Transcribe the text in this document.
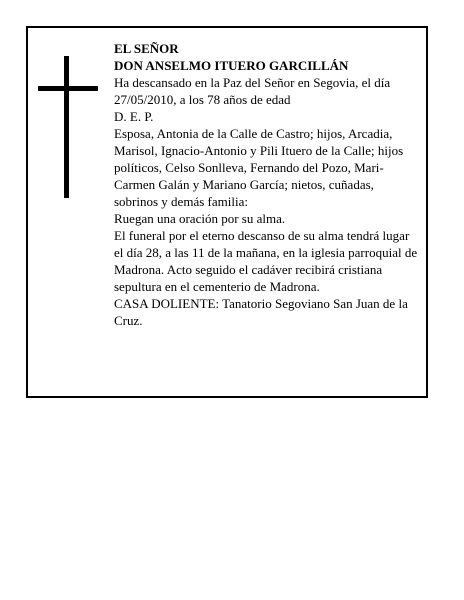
EL SEÑOR

DON ANSELMO ITUERO GARCILLÁN

Ha descansado en la Paz del Señor en Segovia, el día 27/05/2010, a los 78 años de edad

D. E. P.

Esposa, Antonia de la Calle de Castro; hijos, Arcadia, Marisol, Ignacio-Antonio y Pili Ituero de la Calle; hijos políticos, Celso Sonlleva, Fernando del Pozo, Mari-Carmen Galán y Mariano García; nietos, cuñadas, sobrinos y demás familia:

Ruegan una oración por su alma.

El funeral por el eterno descanso de su alma tendrá lugar el día 28, a las 11 de la mañana, en la iglesia parroquial de Madrona. Acto seguido el cadáver recibirá cristiana sepultura en el cementerio de Madrona.

CASA DOLIENTE: Tanatorio Segoviano San Juan de la Cruz.
